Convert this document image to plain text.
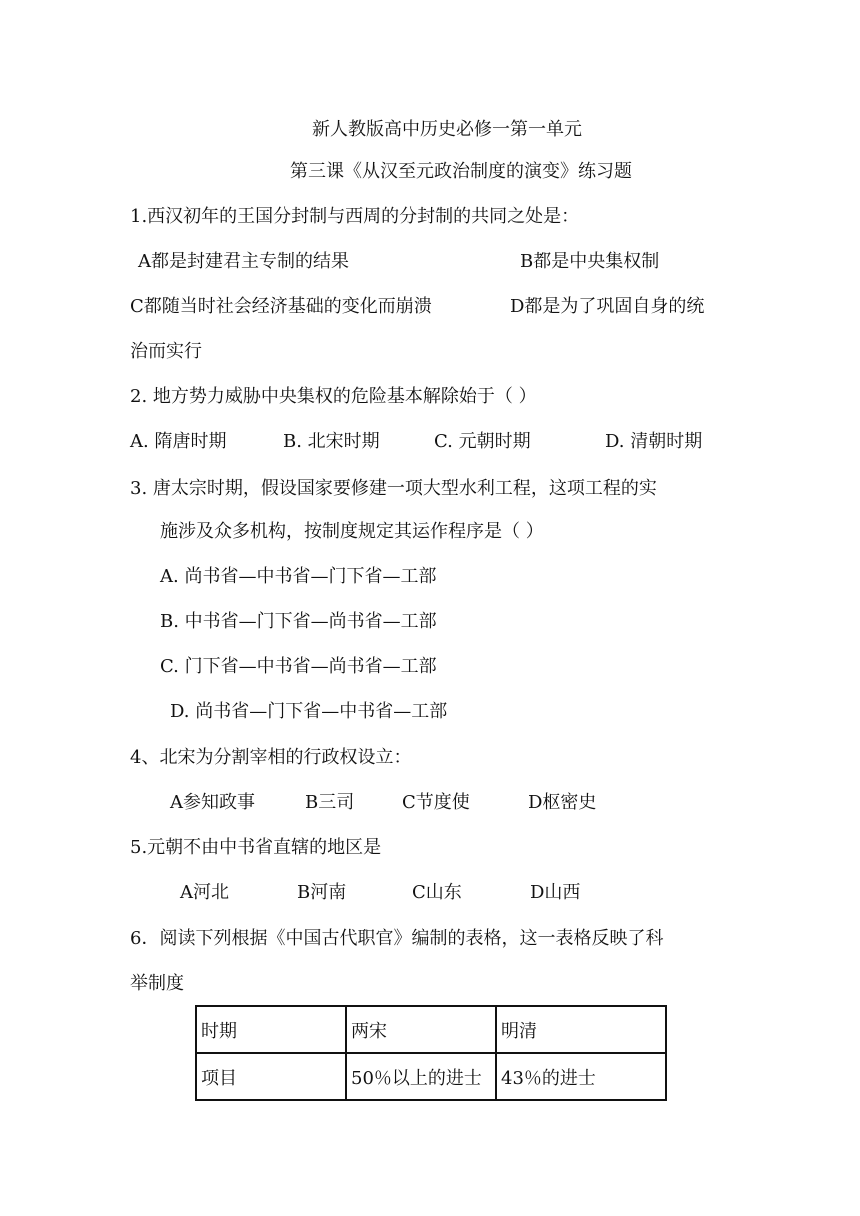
新人教版高中历史必修一第一单元
第三课《从汉至元政治制度的演变》练习题
1.西汉初年的王国分封制与西周的分封制的共同之处是：
A都是封建君主专制的结果	B都是中央集权制
C都随当时社会经济基础的变化而崩溃	D都是为了巩固自身的统
治而实行
2. 地方势力威胁中央集权的危险基本解除始于（ ）
A. 隋唐时期	B. 北宋时期	C. 元朝时期	D. 清朝时期
3. 唐太宗时期，假设国家要修建一项大型水利工程，这项工程的实
施涉及众多机构，按制度规定其运作程序是（ ）
A. 尚书省—中书省—门下省—工部
B. 中书省—门下省—尚书省—工部
C. 门下省—中书省—尚书省—工部
D. 尚书省—门下省—中书省—工部
4、北宋为分割宰相的行政权设立：
A参知政事	B三司	C节度使	D枢密史
5.元朝不由中书省直辖的地区是
A河北	B河南	C山东	D山西
6．阅读下列根据《中国古代职官》编制的表格，这一表格反映了科
举制度
时期	两宋	明清
项目	50％以上的进士	43％的进士
